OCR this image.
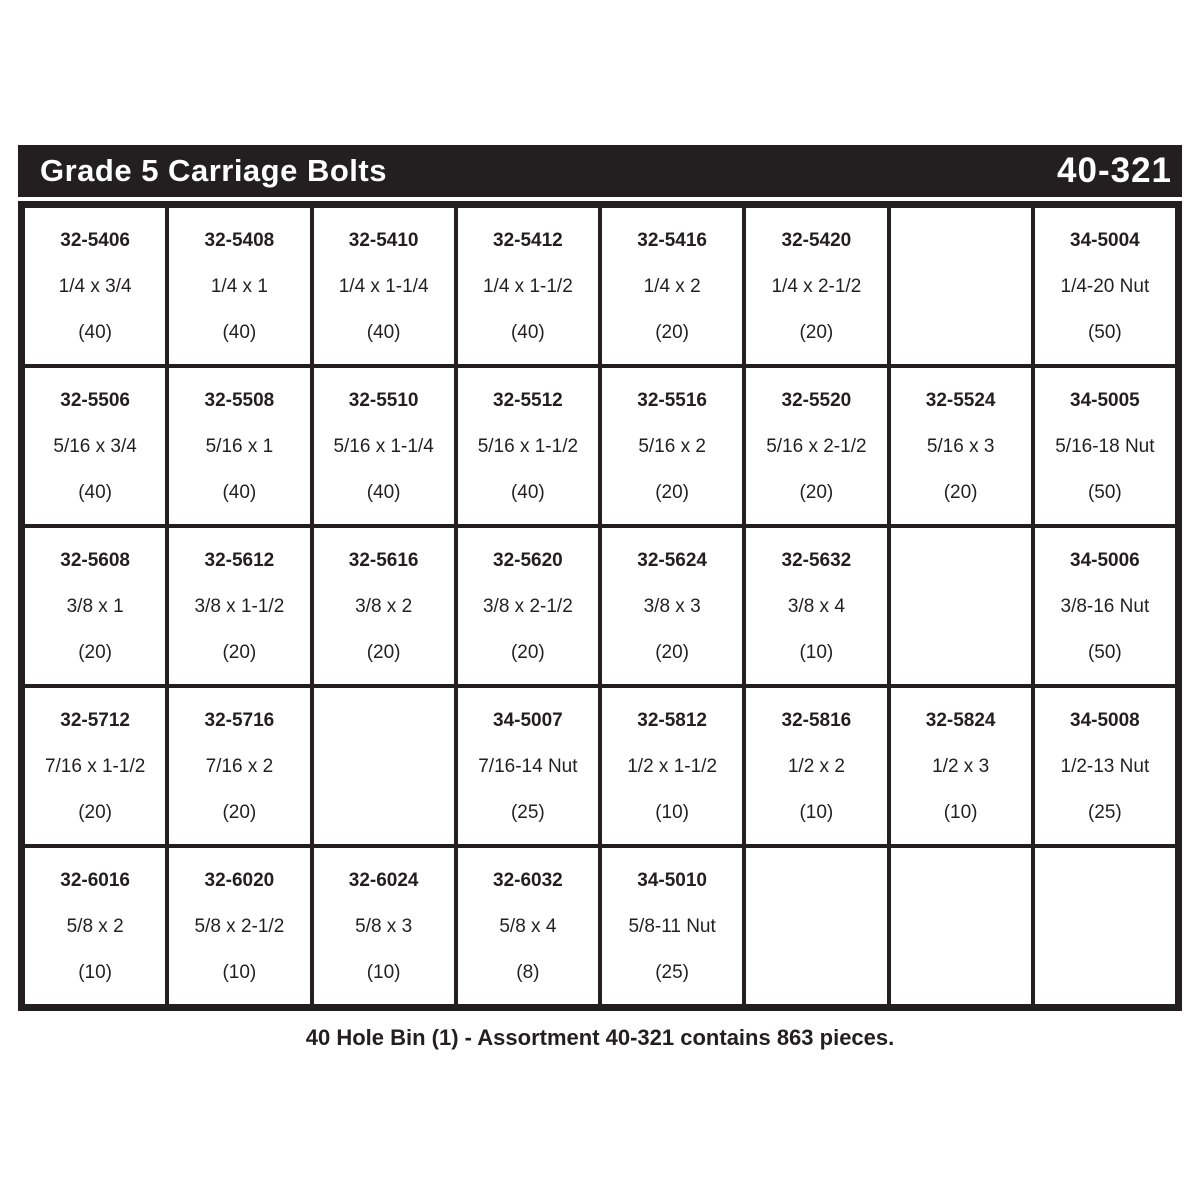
Grade 5 Carriage Bolts	40-321
32-5406
1/4 x 3/4
(40)
32-5408
1/4 x 1
(40)
32-5410
1/4 x 1-1/4
(40)
32-5412
1/4 x 1-1/2
(40)
32-5416
1/4 x 2
(20)
32-5420
1/4 x 2-1/2
(20)
34-5004
1/4-20 Nut
(50)
32-5506
5/16 x 3/4
(40)
32-5508
5/16 x 1
(40)
32-5510
5/16 x 1-1/4
(40)
32-5512
5/16 x 1-1/2
(40)
32-5516
5/16 x 2
(20)
32-5520
5/16 x 2-1/2
(20)
32-5524
5/16 x 3
(20)
34-5005
5/16-18 Nut
(50)
32-5608
3/8 x 1
(20)
32-5612
3/8 x 1-1/2
(20)
32-5616
3/8 x 2
(20)
32-5620
3/8 x 2-1/2
(20)
32-5624
3/8 x 3
(20)
32-5632
3/8 x 4
(10)
34-5006
3/8-16 Nut
(50)
32-5712
7/16 x 1-1/2
(20)
32-5716
7/16 x 2
(20)
34-5007
7/16-14 Nut
(25)
32-5812
1/2 x 1-1/2
(10)
32-5816
1/2 x 2
(10)
32-5824
1/2 x 3
(10)
34-5008
1/2-13 Nut
(25)
32-6016
5/8 x 2
(10)
32-6020
5/8 x 2-1/2
(10)
32-6024
5/8 x 3
(10)
32-6032
5/8 x 4
(8)
34-5010
5/8-11 Nut
(25)
40 Hole Bin (1) - Assortment 40-321 contains 863 pieces.
